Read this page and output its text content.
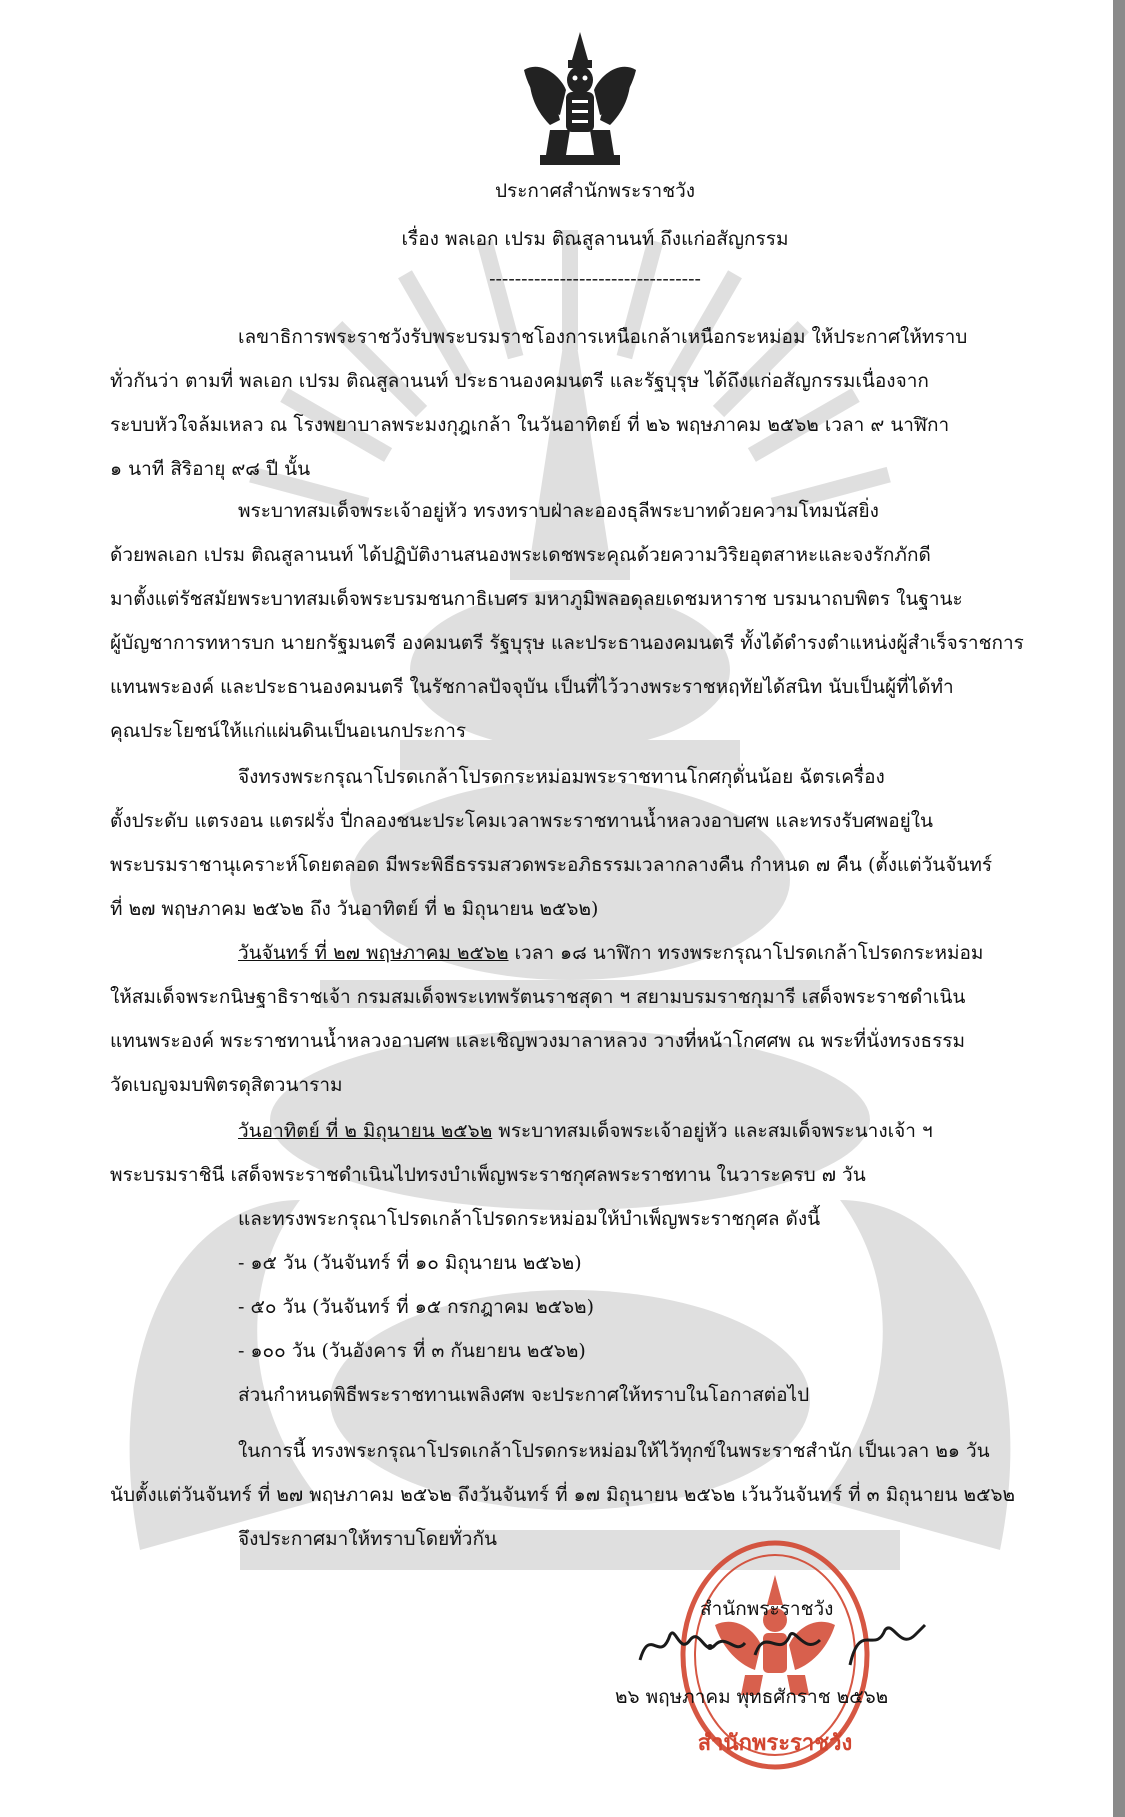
ประกาศสำนักพระราชวัง
เรื่อง พลเอก เปรม ติณสูลานนท์ ถึงแก่อสัญกรรม
---------------------------------
เลขาธิการพระราชวังรับพระบรมราชโองการเหนือเกล้าเหนือกระหม่อม ให้ประกาศให้ทราบ
ทั่วกันว่า ตามที่ พลเอก เปรม ติณสูลานนท์ ประธานองคมนตรี และรัฐบุรุษ ได้ถึงแก่อสัญกรรมเนื่องจาก
ระบบหัวใจล้มเหลว ณ โรงพยาบาลพระมงกุฎเกล้า ในวันอาทิตย์ ที่ ๒๖ พฤษภาคม ๒๕๖๒ เวลา ๙ นาฬิกา
๑ นาที สิริอายุ ๙๘ ปี นั้น
พระบาทสมเด็จพระเจ้าอยู่หัว ทรงทราบฝ่าละอองธุลีพระบาทด้วยความโทมนัสยิ่ง
ด้วยพลเอก เปรม ติณสูลานนท์ ได้ปฏิบัติงานสนองพระเดชพระคุณด้วยความวิริยอุตสาหะและจงรักภักดี
มาตั้งแต่รัชสมัยพระบาทสมเด็จพระบรมชนกาธิเบศร มหาภูมิพลอดุลยเดชมหาราช บรมนาถบพิตร ในฐานะ
ผู้บัญชาการทหารบก นายกรัฐมนตรี องคมนตรี รัฐบุรุษ และประธานองคมนตรี ทั้งได้ดำรงตำแหน่งผู้สำเร็จราชการ
แทนพระองค์ และประธานองคมนตรี ในรัชกาลปัจจุบัน เป็นที่ไว้วางพระราชหฤทัยได้สนิท นับเป็นผู้ที่ได้ทำ
คุณประโยชน์ให้แก่แผ่นดินเป็นอเนกประการ
จึงทรงพระกรุณาโปรดเกล้าโปรดกระหม่อมพระราชทานโกศกุดั่นน้อย ฉัตรเครื่อง
ตั้งประดับ แตรงอน แตรฝรั่ง ปี่กลองชนะประโคมเวลาพระราชทานน้ำหลวงอาบศพ และทรงรับศพอยู่ใน
พระบรมราชานุเคราะห์โดยตลอด มีพระพิธีธรรมสวดพระอภิธรรมเวลากลางคืน กำหนด ๗ คืน (ตั้งแต่วันจันทร์
ที่ ๒๗ พฤษภาคม ๒๕๖๒ ถึง วันอาทิตย์ ที่ ๒ มิถุนายน ๒๕๖๒)
วันจันทร์ ที่ ๒๗ พฤษภาคม ๒๕๖๒ เวลา ๑๘ นาฬิกา ทรงพระกรุณาโปรดเกล้าโปรดกระหม่อม
ให้สมเด็จพระกนิษฐาธิราชเจ้า กรมสมเด็จพระเทพรัตนราชสุดา ฯ สยามบรมราชกุมารี เสด็จพระราชดำเนิน
แทนพระองค์ พระราชทานน้ำหลวงอาบศพ และเชิญพวงมาลาหลวง วางที่หน้าโกศศพ ณ พระที่นั่งทรงธรรม
วัดเบญจมบพิตรดุสิตวนาราม
วันอาทิตย์ ที่ ๒ มิถุนายน ๒๕๖๒ พระบาทสมเด็จพระเจ้าอยู่หัว และสมเด็จพระนางเจ้า ฯ
พระบรมราชินี เสด็จพระราชดำเนินไปทรงบำเพ็ญพระราชกุศลพระราชทาน ในวาระครบ ๗ วัน
และทรงพระกรุณาโปรดเกล้าโปรดกระหม่อมให้บำเพ็ญพระราชกุศล ดังนี้
- ๑๕ วัน (วันจันทร์ ที่ ๑๐ มิถุนายน ๒๕๖๒)
- ๕๐ วัน (วันจันทร์ ที่ ๑๕ กรกฎาคม ๒๕๖๒)
- ๑๐๐ วัน (วันอังคาร ที่ ๓ กันยายน ๒๕๖๒)
ส่วนกำหนดพิธีพระราชทานเพลิงศพ จะประกาศให้ทราบในโอกาสต่อไป
ในการนี้ ทรงพระกรุณาโปรดเกล้าโปรดกระหม่อมให้ไว้ทุกข์ในพระราชสำนัก เป็นเวลา ๒๑ วัน
นับตั้งแต่วันจันทร์ ที่ ๒๗ พฤษภาคม ๒๕๖๒ ถึงวันจันทร์ ที่ ๑๗ มิถุนายน ๒๕๖๒ เว้นวันจันทร์ ที่ ๓ มิถุนายน ๒๕๖๒
จึงประกาศมาให้ทราบโดยทั่วกัน
สำนักพระราชวัง
สำนักพระราชวัง
๒๖ พฤษภาคม พุทธศักราช ๒๕๖๒
